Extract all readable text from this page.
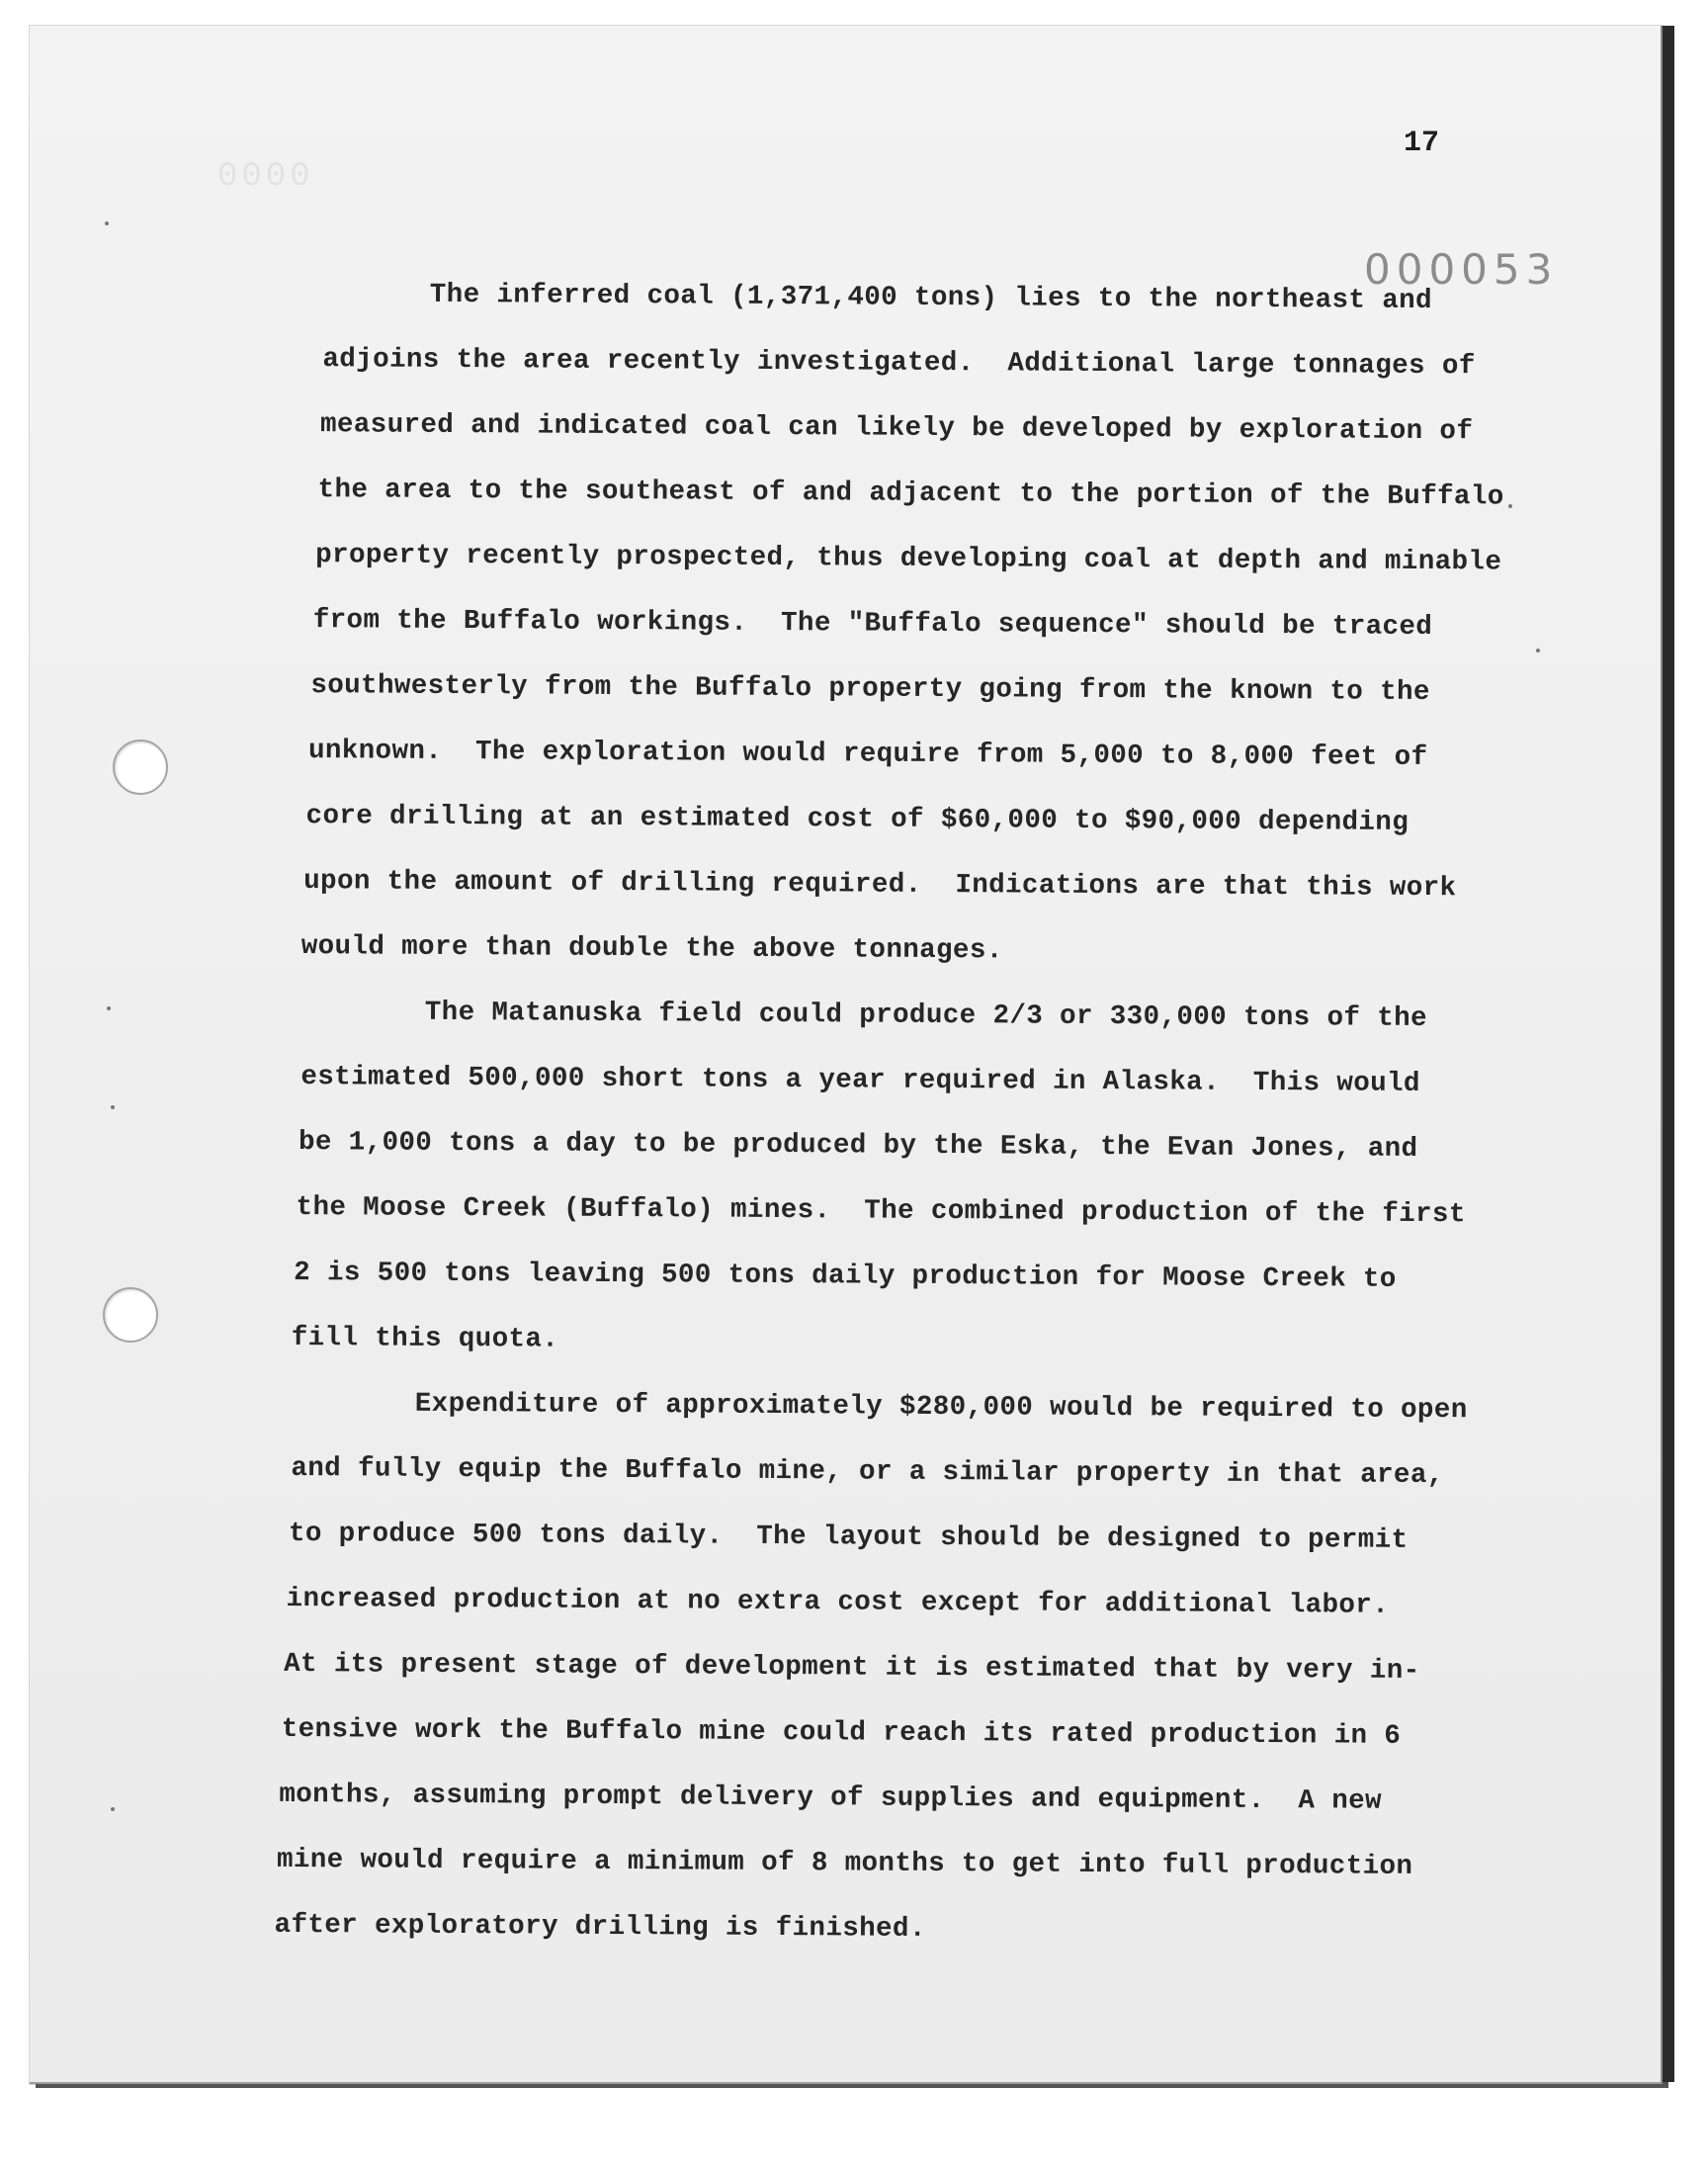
0000
17
000053
The inferred coal (1,371,400 tons) lies to the northeast and
adjoins the area recently investigated.  Additional large tonnages of
measured and indicated coal can likely be developed by exploration of
the area to the southeast of and adjacent to the portion of the Buffalo
property recently prospected, thus developing coal at depth and minable
from the Buffalo workings.  The "Buffalo sequence" should be traced
southwesterly from the Buffalo property going from the known to the
unknown.  The exploration would require from 5,000 to 8,000 feet of
core drilling at an estimated cost of $60,000 to $90,000 depending
upon the amount of drilling required.  Indications are that this work
would more than double the above tonnages.
The Matanuska field could produce 2/3 or 330,000 tons of the
estimated 500,000 short tons a year required in Alaska.  This would
be 1,000 tons a day to be produced by the Eska, the Evan Jones, and
the Moose Creek (Buffalo) mines.  The combined production of the first
2 is 500 tons leaving 500 tons daily production for Moose Creek to
fill this quota.
Expenditure of approximately $280,000 would be required to open
and fully equip the Buffalo mine, or a similar property in that area,
to produce 500 tons daily.  The layout should be designed to permit
increased production at no extra cost except for additional labor.
At its present stage of development it is estimated that by very in-
tensive work the Buffalo mine could reach its rated production in 6
months, assuming prompt delivery of supplies and equipment.  A new
mine would require a minimum of 8 months to get into full production
after exploratory drilling is finished.
